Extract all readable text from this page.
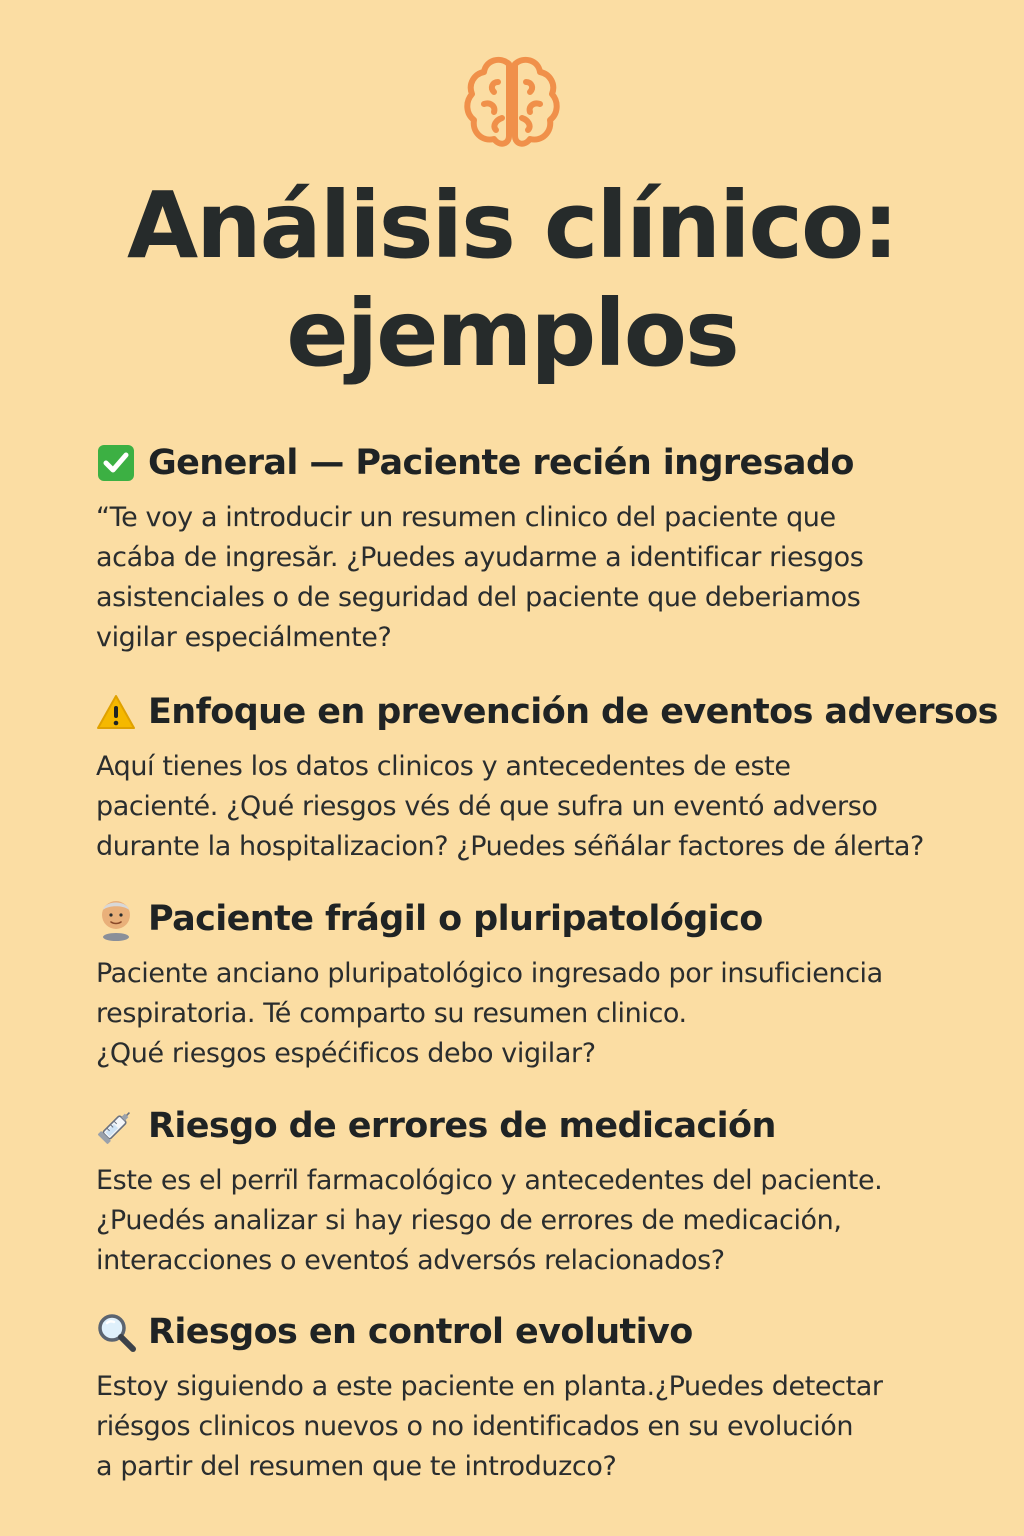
Análisis clínico:
ejemplos
General — Paciente recién ingresado

“Te voy a introducir un resumen clinico del paciente que
acába de ingresăr. ¿Puedes ayudarme a identificar riesgos
asistenciales o de seguridad del paciente que deberiamos
vigilar especiálmente?

Enfoque en prevención de eventos adversos

Aquí tienes los datos clinicos y antecedentes de este
pacienté. ¿Qué riesgos vés dé que sufra un eventó adverso
durante la hospitalizacion? ¿Puedes séñálar factores de álerta?

Paciente frágil o pluripatológico

Paciente anciano pluripatológico ingresado por insuficiencia
respiratoria. Té comparto su resumen clinico.
¿Qué riesgos espéćificos debo vigilar?

Riesgo de errores de medicación

Este es el perrïl farmacológico y antecedentes del paciente.
¿Puedés analizar si hay riesgo de errores de medicación,
interacciones o eventoś adversós relacionados?

Riesgos en control evolutivo

Estoy siguiendo a este paciente en planta.¿Puedes detectar
riésgos clinicos nuevos o no identificados en su evolución
a partir del resumen que te introduzco?
